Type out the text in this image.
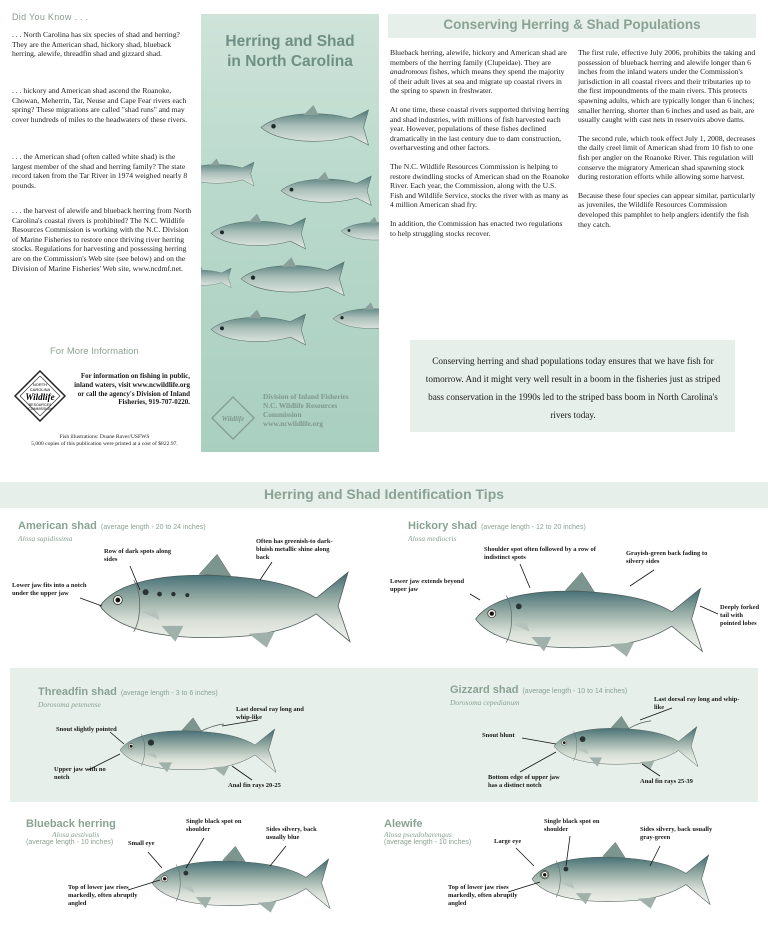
Did You Know . . .
. . . North Carolina has six species of shad and herring? They are the American shad, hickory shad, blueback herring, alewife, threadfin shad and gizzard shad.
. . . hickory and American shad ascend the Roanoke, Chowan, Meherrin, Tar, Neuse and Cape Fear rivers each spring? These migrations are called "shad runs" and may cover hundreds of miles to the headwaters of these rivers.
. . . the American shad (often called white shad) is the largest member of the shad and herring family? The state record taken from the Tar River in 1974 weighed nearly 8 pounds.
. . . the harvest of alewife and blueback herring from North Carolina's coastal rivers is prohibited? The N.C. Wildlife Resources Commission is working with the N.C. Division of Marine Fisheries to restore once thriving river herring stocks. Regulations for harvesting and possessing herring are on the Commission's Web site (see below) and on the Division of Marine Fisheries' Web site, www.ncdmf.net.
For More Information
NORTH
CAROLINA
Wildlife
RESOURCES
COMMISSION
For information on fishing in public, inland waters, visit www.ncwildlife.org or call the agency's Division of Inland Fisheries, 919-707-0220.
Fish illustrations: Duane Raver/USFWS
5,000 copies of this publication were printed at a cost of $822.97.
Herring and Shad
in North Carolina
Wildlife
Division of Inland Fisheries
N.C. Wildlife Resources
Commission
www.ncwildlife.org
Conserving Herring & Shad Populations

Blueback herring, alewife, hickory and American shad are members of the herring family (Clupeidae). They are anadromous fishes, which means they spend the majority of their adult lives at sea and migrate up coastal rivers in the spring to spawn in freshwater.

At one time, these coastal rivers supported thriving herring and shad industries, with millions of fish harvested each year. However, populations of these fishes declined dramatically in the last century due to dam construction, overharvesting and other factors.

The N.C. Wildlife Resources Commission is helping to restore dwindling stocks of American shad on the Roanoke River. Each year, the Commission, along with the U.S. Fish and Wildlife Service, stocks the river with as many as 4 million American shad fry.

In addition, the Commission has enacted two regulations to help struggling stocks recover.

The first rule, effective July 2006, prohibits the taking and possession of blueback herring and alewife longer than 6 inches from the inland waters under the Commission's jurisdiction in all coastal rivers and their tributaries up to the first impoundments of the main rivers. This protects spawning adults, which are typically longer than 6 inches; smaller herring, shorter than 6 inches and used as bait, are usually caught with cast nets in reservoirs above dams.

The second rule, which took effect July 1, 2008, decreases the daily creel limit of American shad from 10 fish to one fish per angler on the Roanoke River. This regulation will conserve the migratory American shad spawning stock during restoration efforts while allowing some harvest.

Because these four species can appear similar, particularly as juveniles, the Wildlife Resources Commission developed this pamphlet to help anglers identify the fish they catch.

Conserving herring and shad populations today ensures that we have fish for tomorrow. And it might very well result in a boom in the fisheries just as striped bass conservation in the 1990s led to the striped bass boom in North Carolina's rivers today.
Herring and Shad Identification Tips
American shad (average length - 20 to 24 inches)
Alosa sapidissima
Hickory shad (average length - 12 to 20 inches)
Alosa mediocris
Threadfin shad (average length - 3 to 6 inches)
Dorosoma petenense
Gizzard shad (average length - 10 to 14 inches)
Dorosoma cepedianum
Blueback herring
Alosa aestivalis
(average length - 10 inches)
Alewife
Alosa pseudoharengus
(average length - 10 inches)
Row of dark spots along sides
Often has greenish-to dark-bluish metallic shine along back
Lower jaw fits into a notch under the upper jaw
Shoulder spot often followed by a row of indistinct spots
Grayish-green back fading to silvery sides
Lower jaw extends beyond upper jaw
Deeply forked tail with pointed lobes
Last dorsal ray long and whip-like
Snout slightly pointed
Upper jaw with no notch
Anal fin rays 20-25
Last dorsal ray long and whip-like
Snout blunt
Bottom edge of upper jaw has a distinct notch
Anal fin rays 25-39
Small eye
Single black spot on shoulder	Sides silvery, back usually blue
Top of lower jaw rises markedly, often abruptly angled
Large eye
Single black spot on shoulder	Sides silvery, back usually gray-green
Top of lower jaw rises markedly, often abruptly angled
